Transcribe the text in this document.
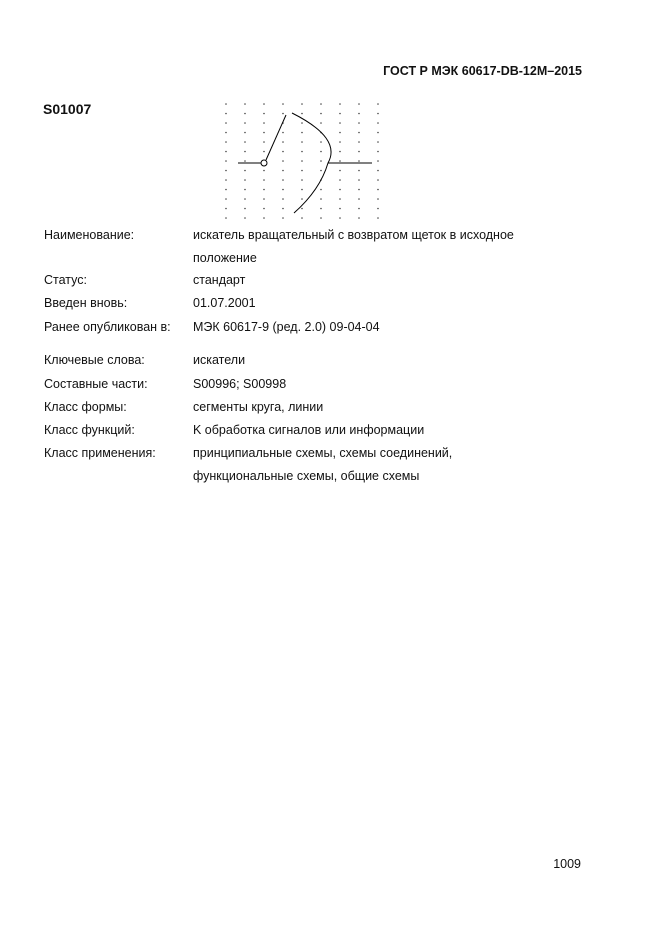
ГОСТ Р МЭК 60617-DB-12M–2015
S01007
Наименование:	искатель вращательный с возвратом щеток в исходное
положение
Статус:	стандарт
Введен вновь:	01.07.2001
Ранее опубликован в: МЭК 60617-9 (ред. 2.0) 09-04-04
Ключевые слова:	искатели
Составные части:	S00996; S00998
Класс формы:	сегменты круга, линии
Класс функций:	K обработка сигналов или информации
Класс применения:	принципиальные схемы, схемы соединений,
функциональные схемы, общие схемы
1009
